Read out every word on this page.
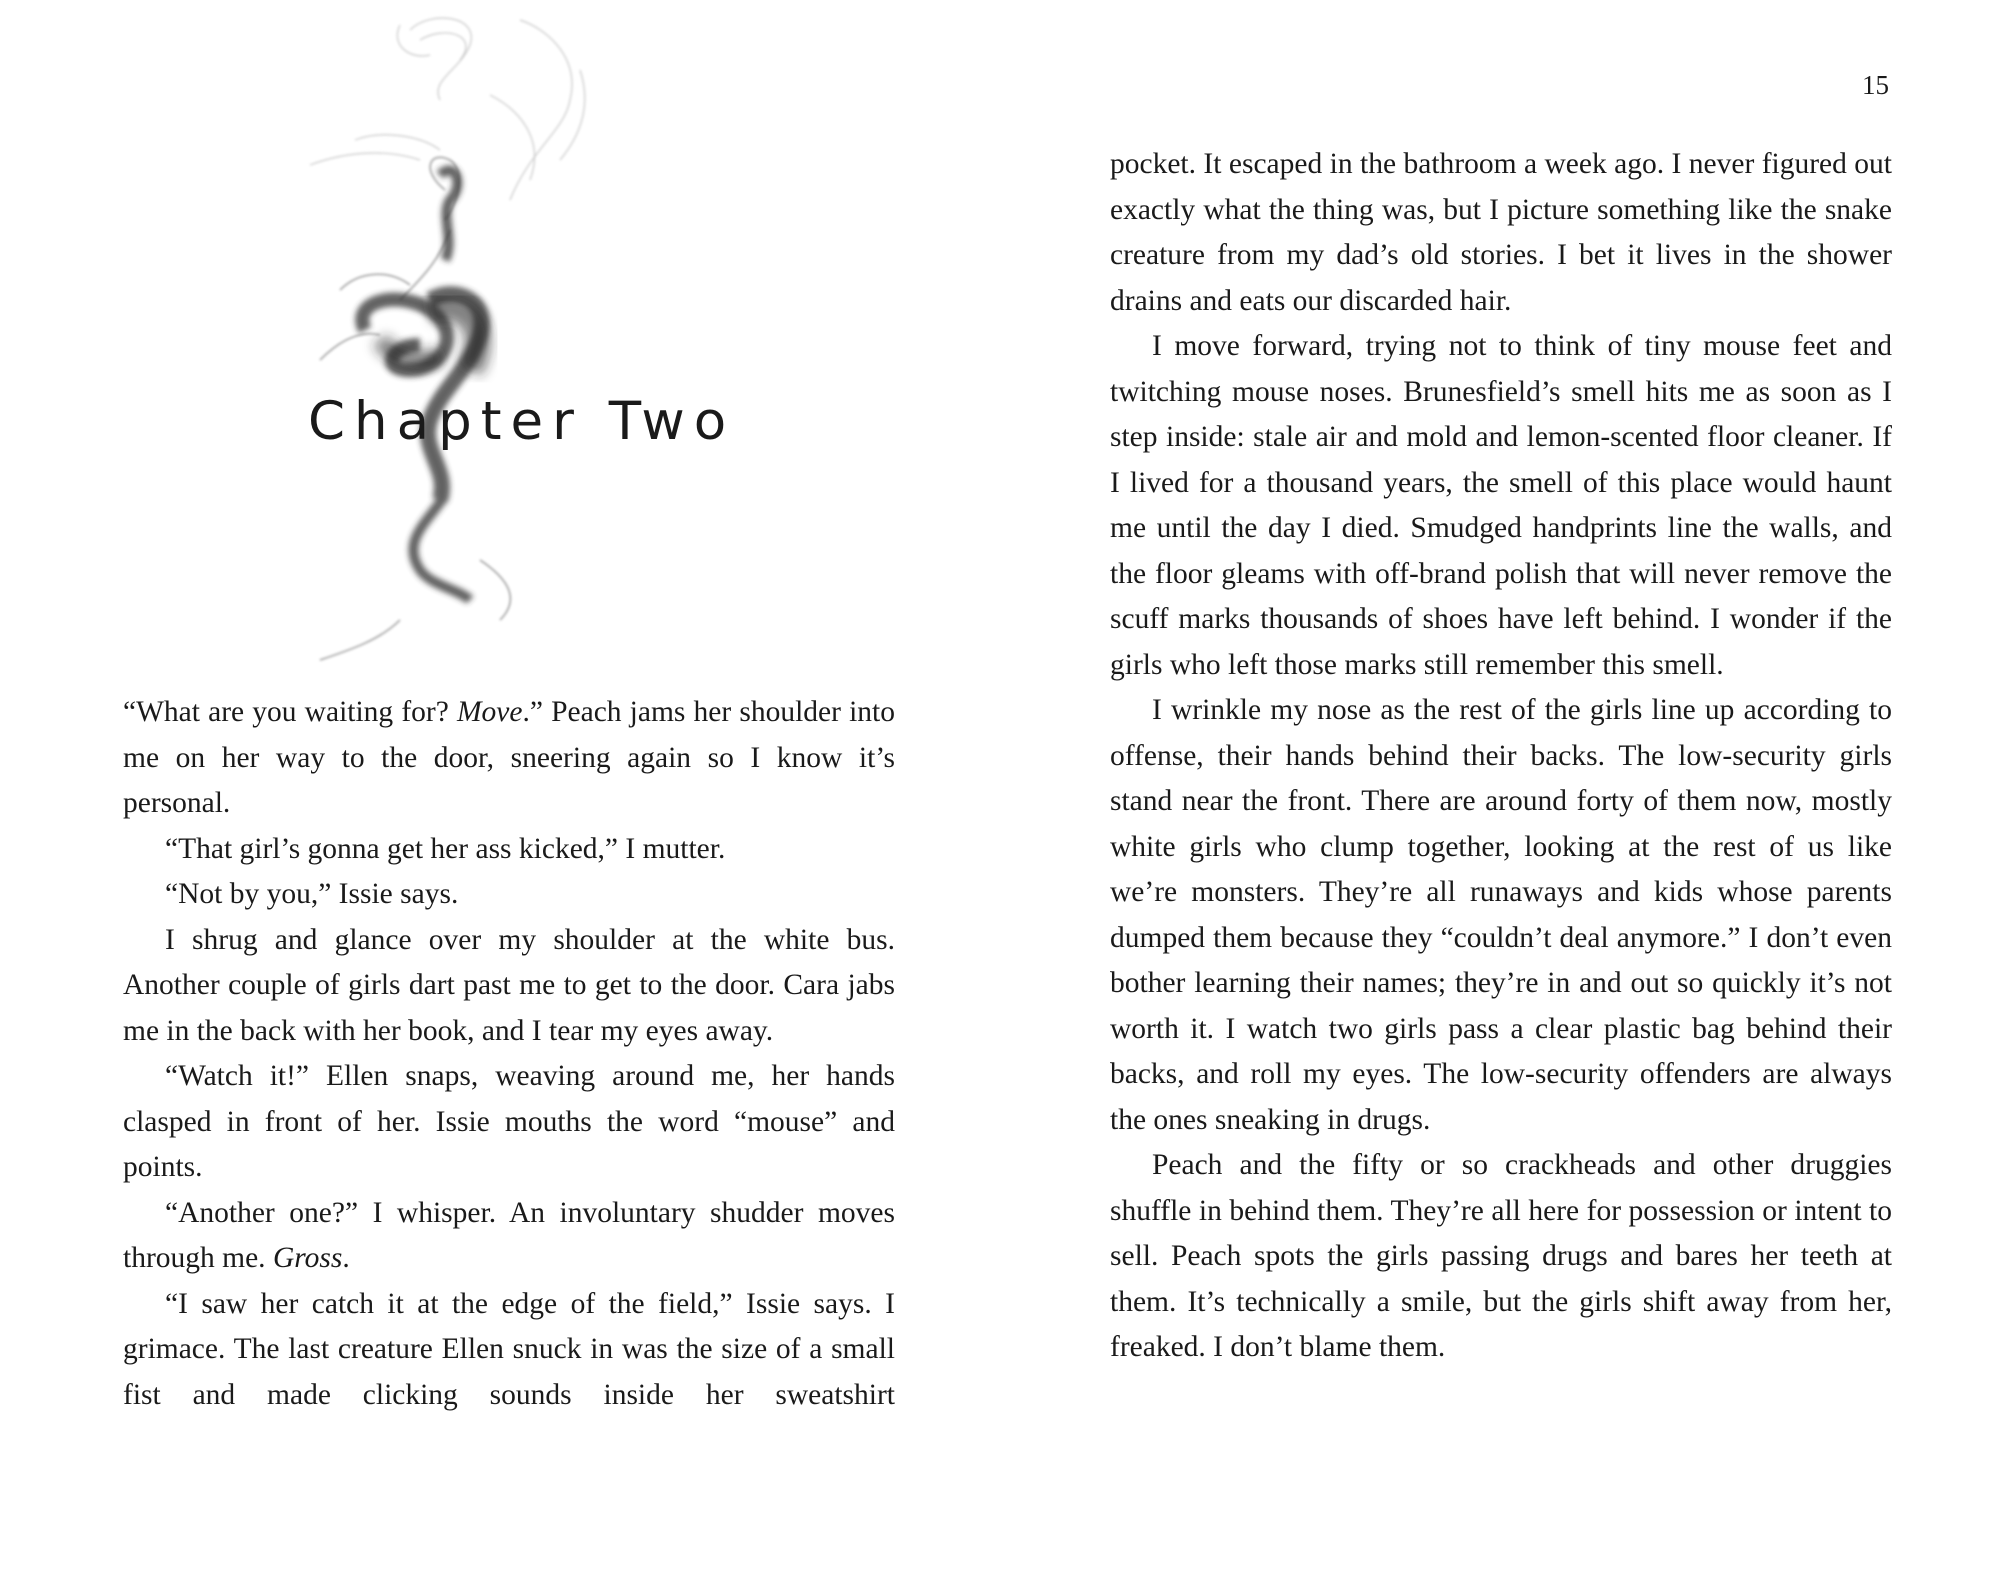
Chapter Two

“What are you waiting for? Move.” Peach jams her shoulder into me on her way to the door, sneering again so I know it’s personal.

“That girl’s gonna get her ass kicked,” I mutter.

“Not by you,” Issie says.

I shrug and glance over my shoulder at the white bus. Another couple of girls dart past me to get to the door. Cara jabs me in the back with her book, and I tear my eyes away.

“Watch it!” Ellen snaps, weaving around me, her hands clasped in front of her. Issie mouths the word “mouse” and points.

“Another one?” I whisper. An involuntary shudder moves through me. Gross.

“I saw her catch it at the edge of the field,” Issie says. I grimace. The last creature Ellen snuck in was the size of a small fist and made clicking sounds inside her sweatshirt

15

pocket. It escaped in the bathroom a week ago. I never figured out exactly what the thing was, but I picture something like the snake creature from my dad’s old stories. I bet it lives in the shower drains and eats our discarded hair.

I move forward, trying not to think of tiny mouse feet and twitching mouse noses. Brunesfield’s smell hits me as soon as I step inside: stale air and mold and lemon-scented floor cleaner. If I lived for a thousand years, the smell of this place would haunt me until the day I died. Smudged handprints line the walls, and the floor gleams with off-brand polish that will never remove the scuff marks thousands of shoes have left behind. I wonder if the girls who left those marks still remember this smell.

I wrinkle my nose as the rest of the girls line up according to offense, their hands behind their backs. The low-security girls stand near the front. There are around forty of them now, mostly white girls who clump together, looking at the rest of us like we’re monsters. They’re all runaways and kids whose parents dumped them because they “couldn’t deal anymore.” I don’t even bother learning their names; they’re in and out so quickly it’s not worth it. I watch two girls pass a clear plastic bag behind their backs, and roll my eyes. The low-security offenders are always the ones sneaking in drugs.

Peach and the fifty or so crackheads and other druggies shuffle in behind them. They’re all here for possession or intent to sell. Peach spots the girls passing drugs and bares her teeth at them. It’s technically a smile, but the girls shift away from her, freaked. I don’t blame them.
